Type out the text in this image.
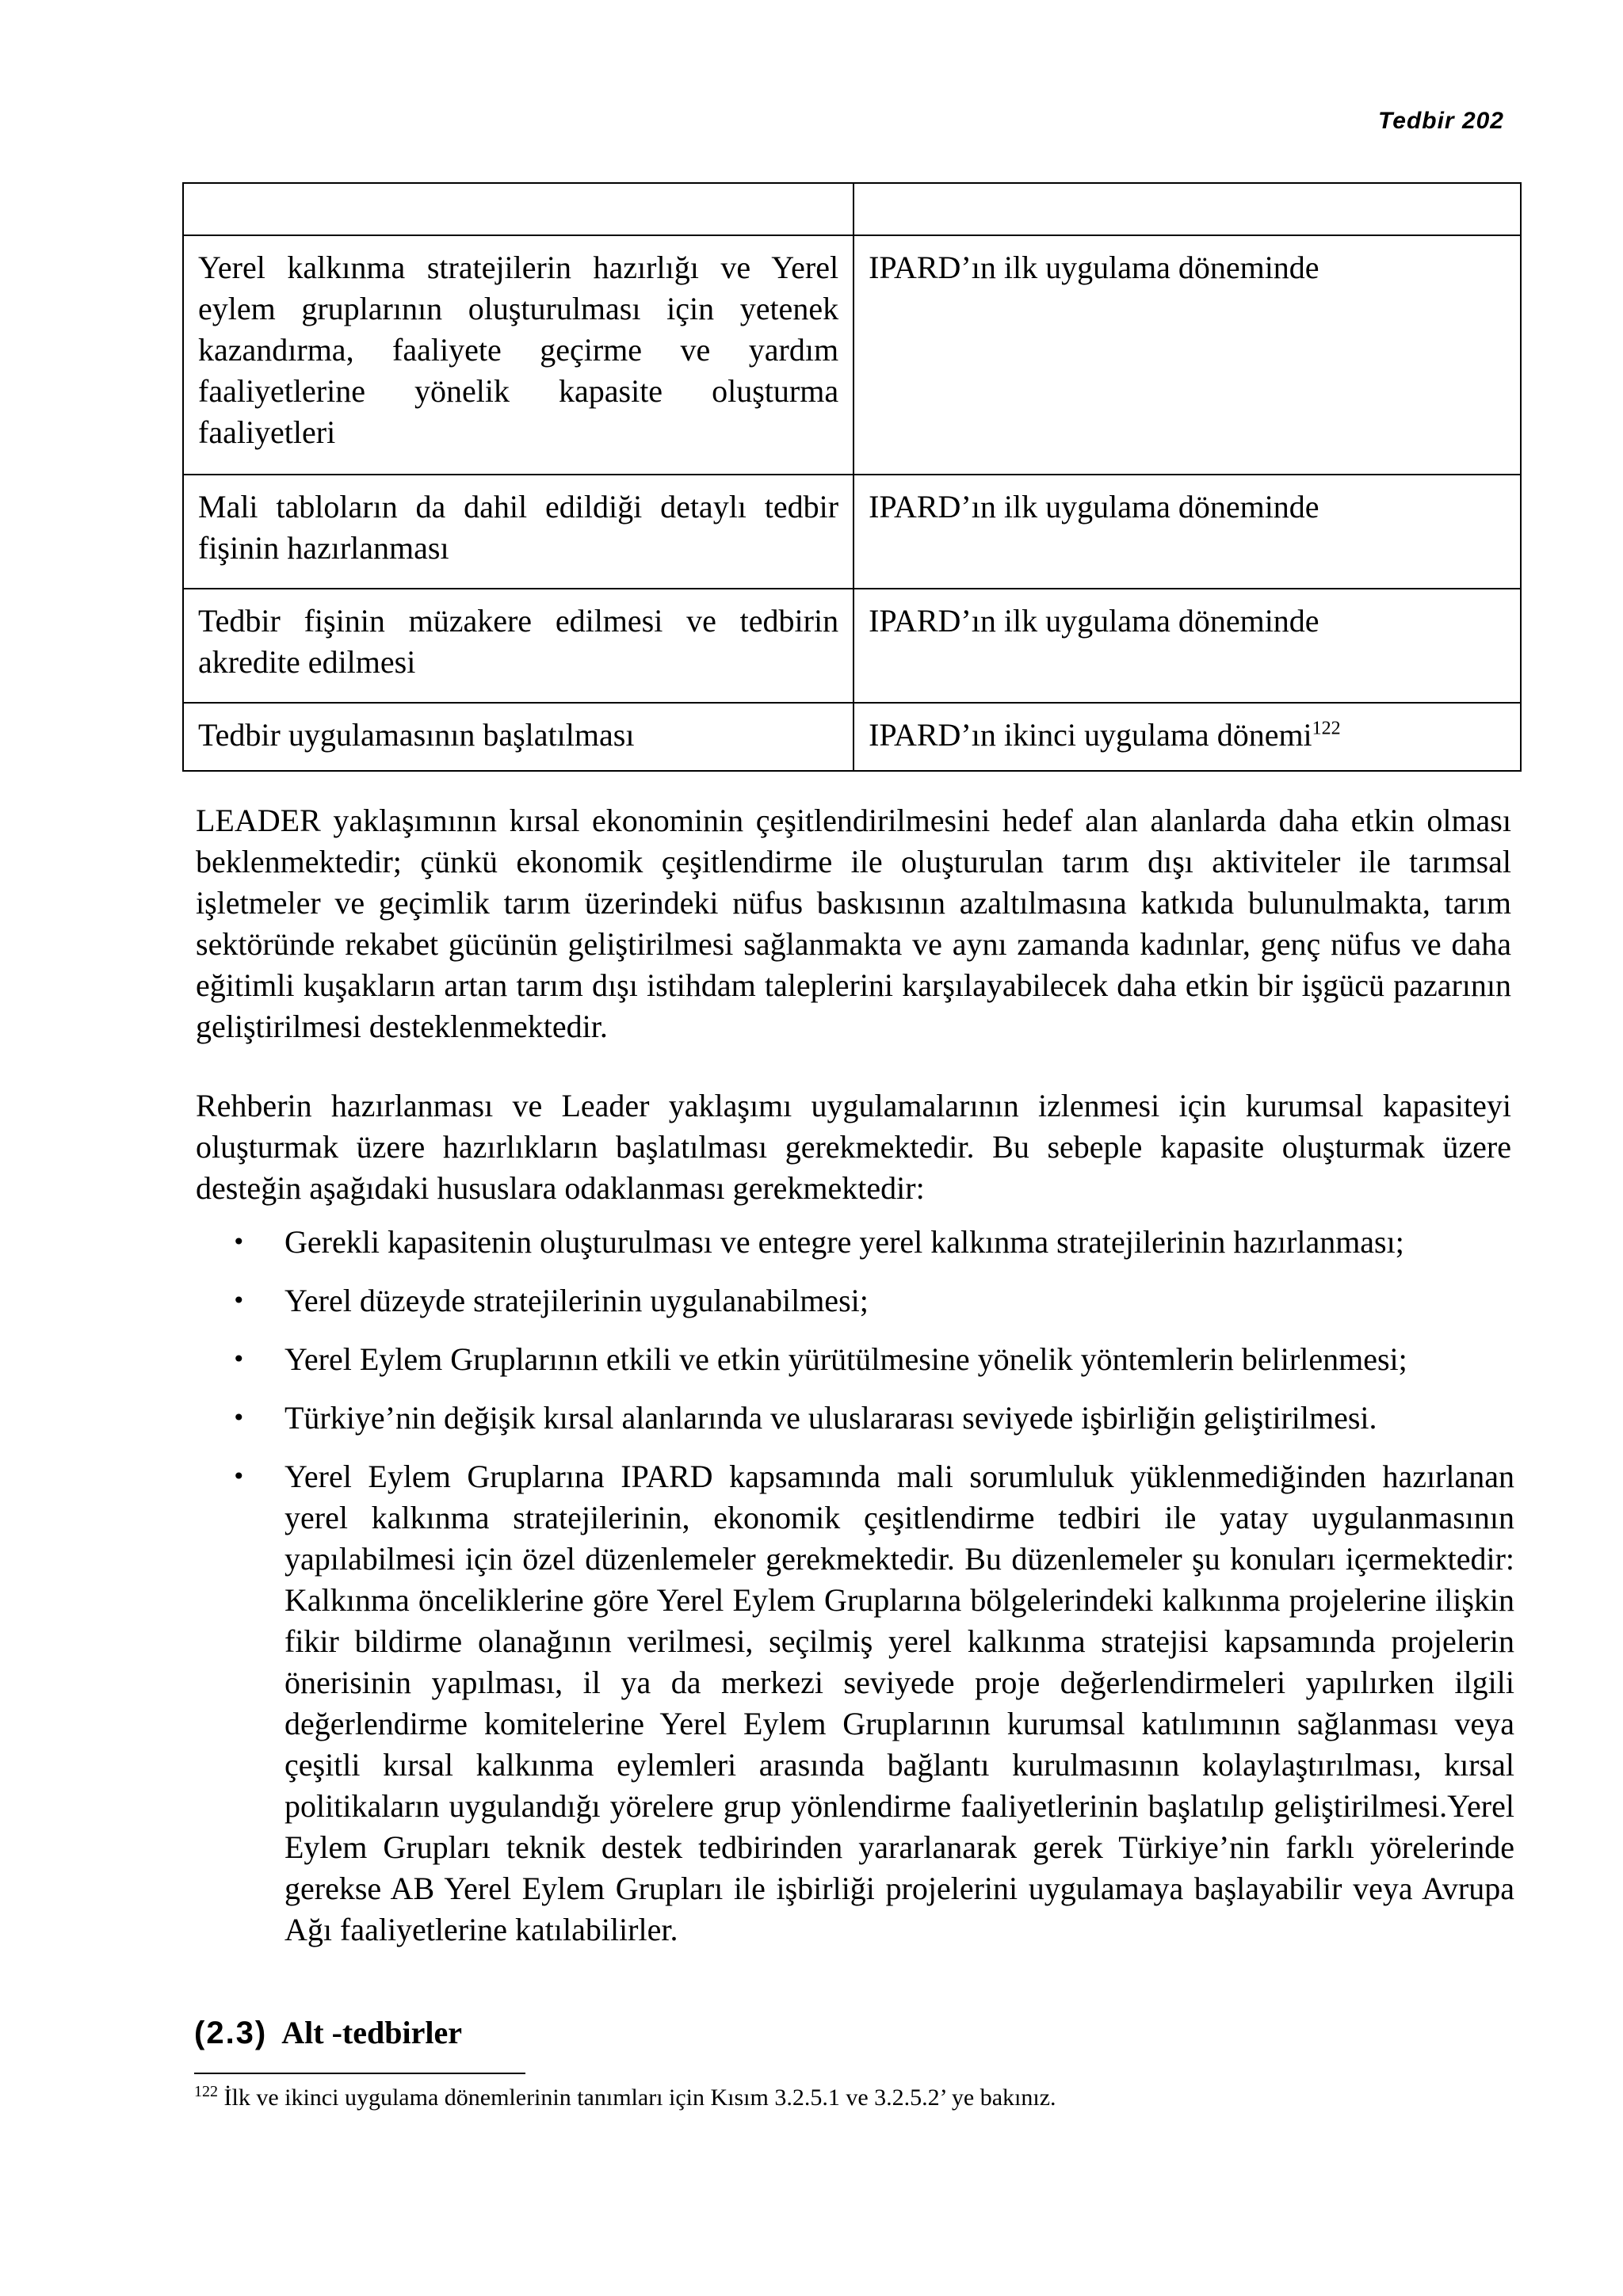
Tedbir 202

Yerel kalkınma stratejilerin hazırlığı ve Yerel eylem gruplarının oluşturulması için yetenek kazandırma, faaliyete geçirme ve yardım faaliyetlerine yönelik kapasite oluşturma faaliyetleri	IPARD’ın ilk uygulama döneminde
Mali tabloların da dahil edildiği detaylı tedbir fişinin hazırlanması	IPARD’ın ilk uygulama döneminde
Tedbir fişinin müzakere edilmesi ve tedbirin akredite edilmesi	IPARD’ın ilk uygulama döneminde
Tedbir uygulamasının başlatılması	IPARD’ın ikinci uygulama dönemi$^{122}$

LEADER yaklaşımının kırsal ekonominin çeşitlendirilmesini hedef alan alanlarda daha etkin olması beklenmektedir; çünkü ekonomik çeşitlendirme ile oluşturulan tarım dışı aktiviteler ile tarımsal işletmeler ve geçimlik tarım üzerindeki nüfus baskısının azaltılmasına katkıda bulunulmakta, tarım sektöründe rekabet gücünün geliştirilmesi sağlanmakta ve aynı zamanda kadınlar, genç nüfus ve daha eğitimli kuşakların artan tarım dışı istihdam taleplerini karşılayabilecek daha etkin bir işgücü pazarının geliştirilmesi desteklenmektedir.

Rehberin hazırlanması ve Leader yaklaşımı uygulamalarının izlenmesi için kurumsal kapasiteyi oluşturmak üzere hazırlıkların başlatılması gerekmektedir. Bu sebeple kapasite oluşturmak üzere desteğin aşağıdaki hususlara odaklanması gerekmektedir:

• Gerekli kapasitenin oluşturulması ve entegre yerel kalkınma stratejilerinin hazırlanması;
• Yerel düzeyde stratejilerinin uygulanabilmesi;
• Yerel Eylem Gruplarının etkili ve etkin yürütülmesine yönelik yöntemlerin belirlenmesi;
• Türkiye’nin değişik kırsal alanlarında ve uluslararası seviyede işbirliğin geliştirilmesi.
• Yerel Eylem Gruplarına IPARD kapsamında mali sorumluluk yüklenmediğinden hazırlanan yerel kalkınma stratejilerinin, ekonomik çeşitlendirme tedbiri ile yatay uygulanmasının yapılabilmesi için özel düzenlemeler gerekmektedir. Bu düzenlemeler şu konuları içermektedir: Kalkınma önceliklerine göre Yerel Eylem Gruplarına bölgelerindeki kalkınma projelerine ilişkin fikir bildirme olanağının verilmesi, seçilmiş yerel kalkınma stratejisi kapsamında projelerin önerisinin yapılması, il ya da merkezi seviyede proje değerlendirmeleri yapılırken ilgili değerlendirme komitelerine Yerel Eylem Gruplarının kurumsal katılımının sağlanması veya çeşitli kırsal kalkınma eylemleri arasında bağlantı kurulmasının kolaylaştırılması, kırsal politikaların uygulandığı yörelere grup yönlendirme faaliyetlerinin başlatılıp geliştirilmesi.Yerel Eylem Grupları teknik destek tedbirinden yararlanarak gerek Türkiye’nin farklı yörelerinde gerekse AB Yerel Eylem Grupları ile işbirliği projelerini uygulamaya başlayabilir veya Avrupa Ağı faaliyetlerine katılabilirler.
(2.3) Alt -tedbirler
$^{122}$ İlk ve ikinci uygulama dönemlerinin tanımları için Kısım 3.2.5.1 ve 3.2.5.2’ ye bakınız.
